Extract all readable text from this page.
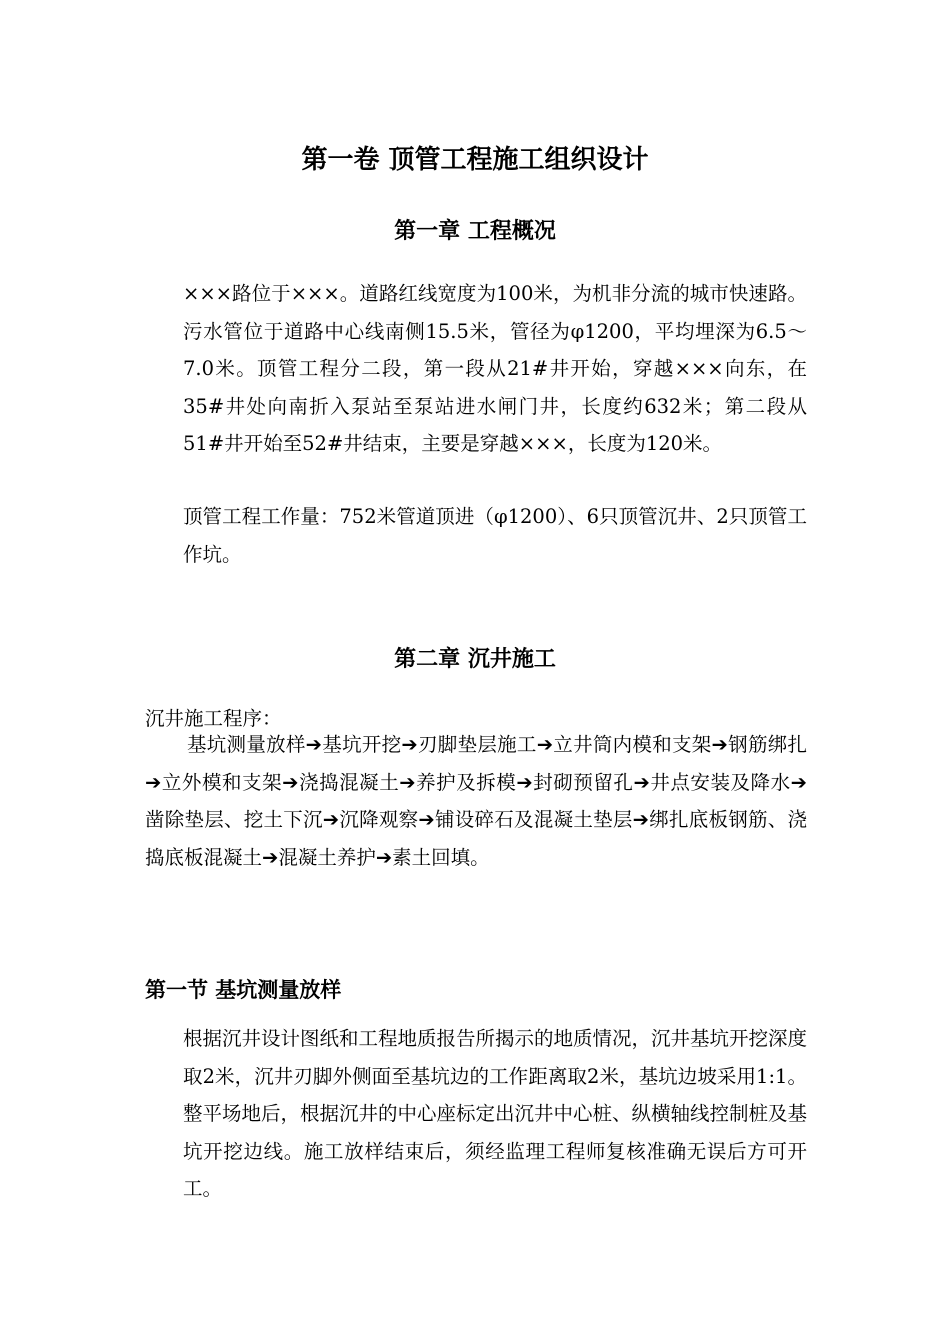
第一卷 顶管工程施工组织设计
第一章 工程概况

×××路位于×××。道路红线宽度为100米，为机非分流的城市快速路。污水管位于道路中心线南侧15.5米，管径为φ1200，平均埋深为6.5～7.0米。顶管工程分二段，第一段从21#井开始，穿越×××向东，在35#井处向南折入泵站至泵站进水闸门井，长度约632米；第二段从51#井开始至52#井结束，主要是穿越×××，长度为120米。

顶管工程工作量：752米管道顶进（φ1200）、6只顶管沉井、2只顶管工作坑。

第二章 沉井施工
沉井施工程序：

基坑测量放样➔基坑开挖➔刃脚垫层施工➔立井筒内模和支架➔钢筋绑扎➔立外模和支架➔浇捣混凝土➔养护及拆模➔封砌预留孔➔井点安装及降水➔凿除垫层、挖土下沉➔沉降观察➔铺设碎石及混凝土垫层➔绑扎底板钢筋、浇捣底板混凝土➔混凝土养护➔素土回填。

第一节 基坑测量放样

根据沉井设计图纸和工程地质报告所揭示的地质情况，沉井基坑开挖深度取2米，沉井刃脚外侧面至基坑边的工作距离取2米，基坑边坡采用1:1。整平场地后，根据沉井的中心座标定出沉井中心桩、纵横轴线控制桩及基坑开挖边线。施工放样结束后，须经监理工程师复核准确无误后方可开工。
